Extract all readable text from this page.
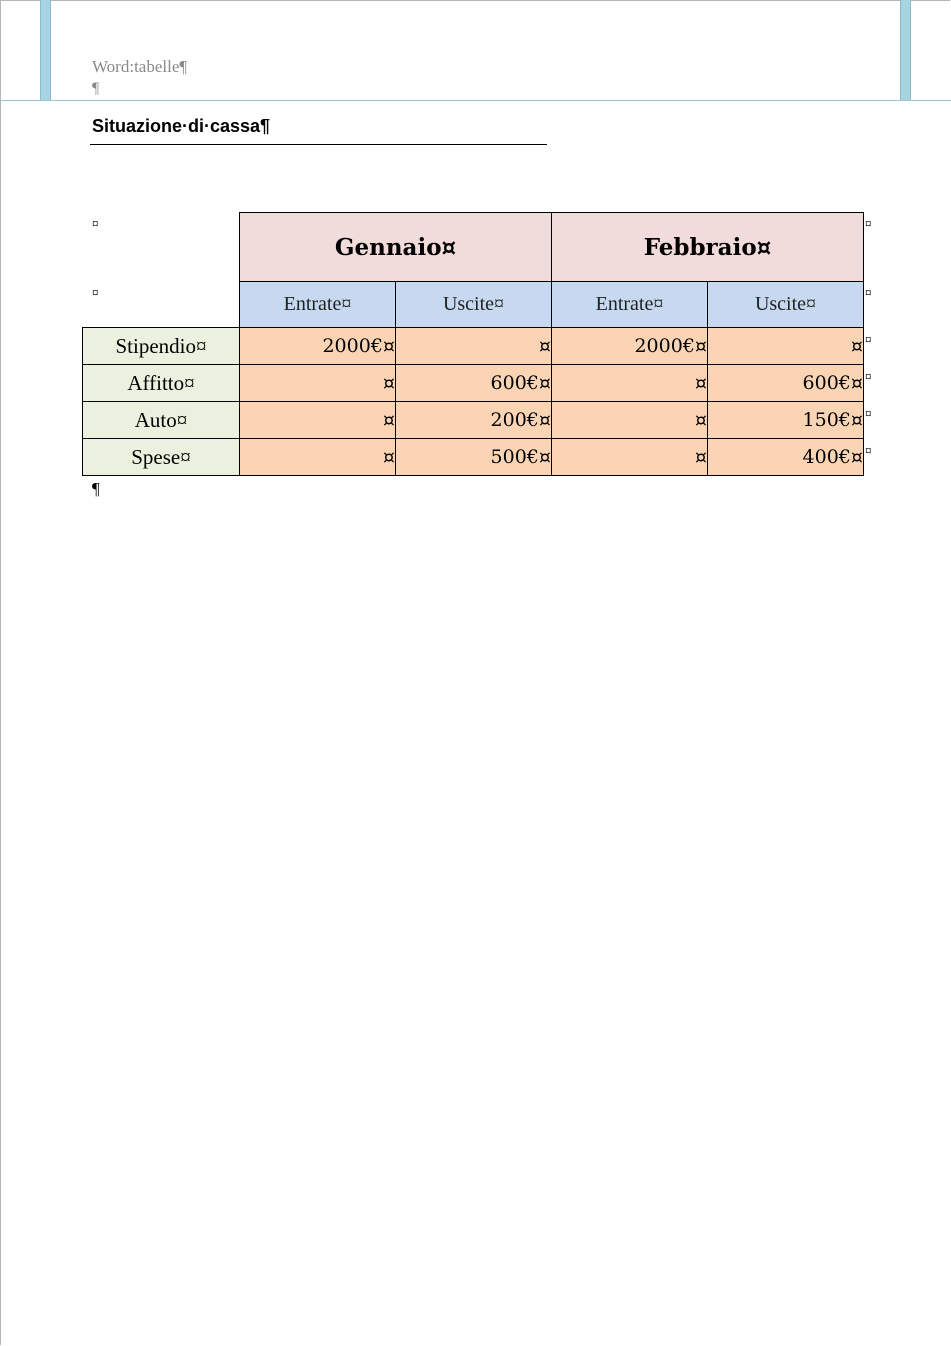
Word:tabelle¶
¶
Situazione·di·cassa¶
¤
¤
¤
¤
¤
¤
¤
¤
	Gennaio¤		Febbraio¤	
	Entrate¤	Uscite¤	Entrate¤	Uscite¤
Stipendio¤	2000€¤	¤	2000€¤	¤
Affitto¤	¤	600€¤	¤	600€¤
Auto¤	¤	200€¤	¤	150€¤
Spese¤	¤	500€¤	¤	400€¤
¶
